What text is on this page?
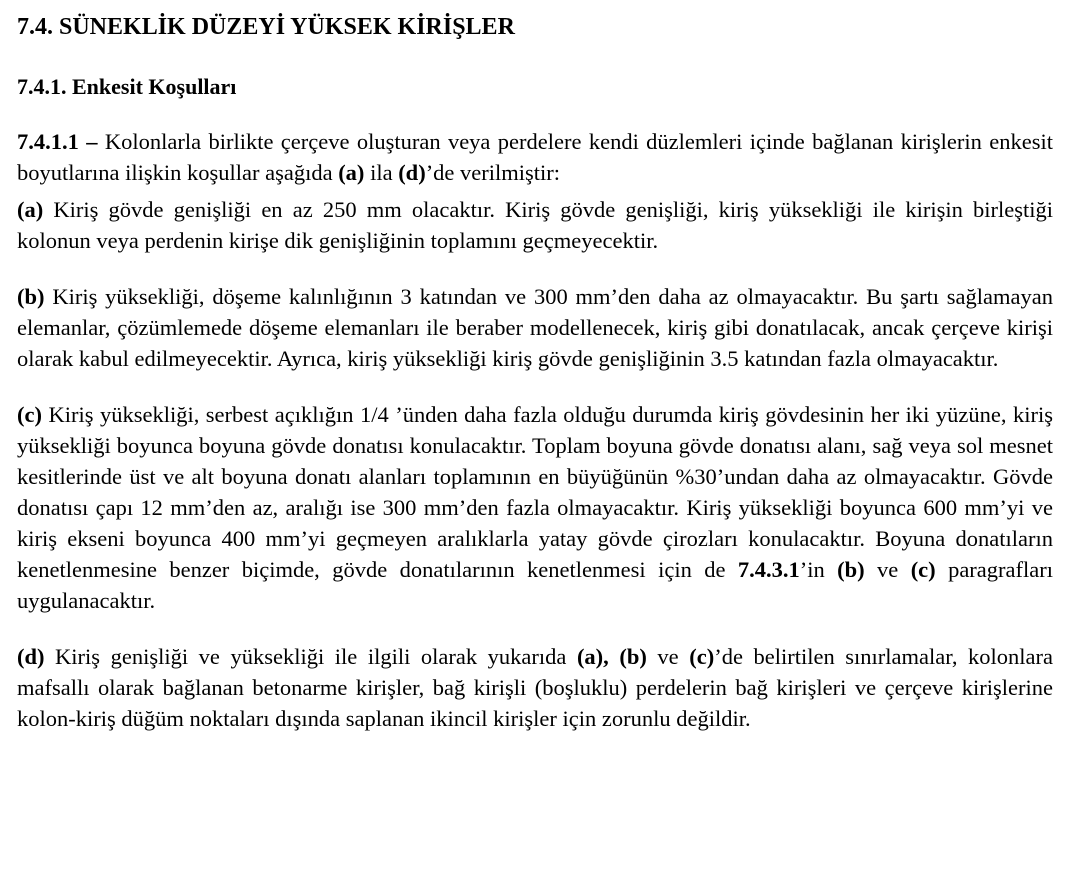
7.4. SÜNEKLİK DÜZEYİ YÜKSEK KİRİŞLER
7.4.1. Enkesit Koşulları

7.4.1.1 – Kolonlarla birlikte çerçeve oluşturan veya perdelere kendi düzlemleri içinde bağlanan kirişlerin enkesit boyutlarına ilişkin koşullar aşağıda (a) ila (d)’de verilmiştir:

(a) Kiriş gövde genişliği en az 250 mm olacaktır. Kiriş gövde genişliği, kiriş yüksekliği ile kirişin birleştiği kolonun veya perdenin kirişe dik genişliğinin toplamını geçmeyecektir.

(b) Kiriş yüksekliği, döşeme kalınlığının 3 katından ve 300 mm’den daha az olmayacaktır. Bu şartı sağlamayan elemanlar, çözümlemede döşeme elemanları ile beraber modellenecek, kiriş gibi donatılacak, ancak çerçeve kirişi olarak kabul edilmeyecektir. Ayrıca, kiriş yüksekliği kiriş gövde genişliğinin 3.5 katından fazla olmayacaktır.

(c) Kiriş yüksekliği, serbest açıklığın 1/4 ’ünden daha fazla olduğu durumda kiriş gövdesinin her iki yüzüne, kiriş yüksekliği boyunca boyuna gövde donatısı konulacaktır. Toplam boyuna gövde donatısı alanı, sağ veya sol mesnet kesitlerinde üst ve alt boyuna donatı alanları toplamının en büyüğünün %30’undan daha az olmayacaktır. Gövde donatısı çapı 12 mm’den az, aralığı ise 300 mm’den fazla olmayacaktır. Kiriş yüksekliği boyunca 600 mm’yi ve kiriş ekseni boyunca 400 mm’yi geçmeyen aralıklarla yatay gövde çirozları konulacaktır. Boyuna donatıların kenetlenmesine benzer biçimde, gövde donatılarının kenetlenmesi için de 7.4.3.1’in (b) ve (c) paragrafları uygulanacaktır.

(d) Kiriş genişliği ve yüksekliği ile ilgili olarak yukarıda (a), (b) ve (c)’de belirtilen sınırlamalar, kolonlara mafsallı olarak bağlanan betonarme kirişler, bağ kirişli (boşluklu) perdelerin bağ kirişleri ve çerçeve kirişlerine kolon-kiriş düğüm noktaları dışında saplanan ikincil kirişler için zorunlu değildir.
